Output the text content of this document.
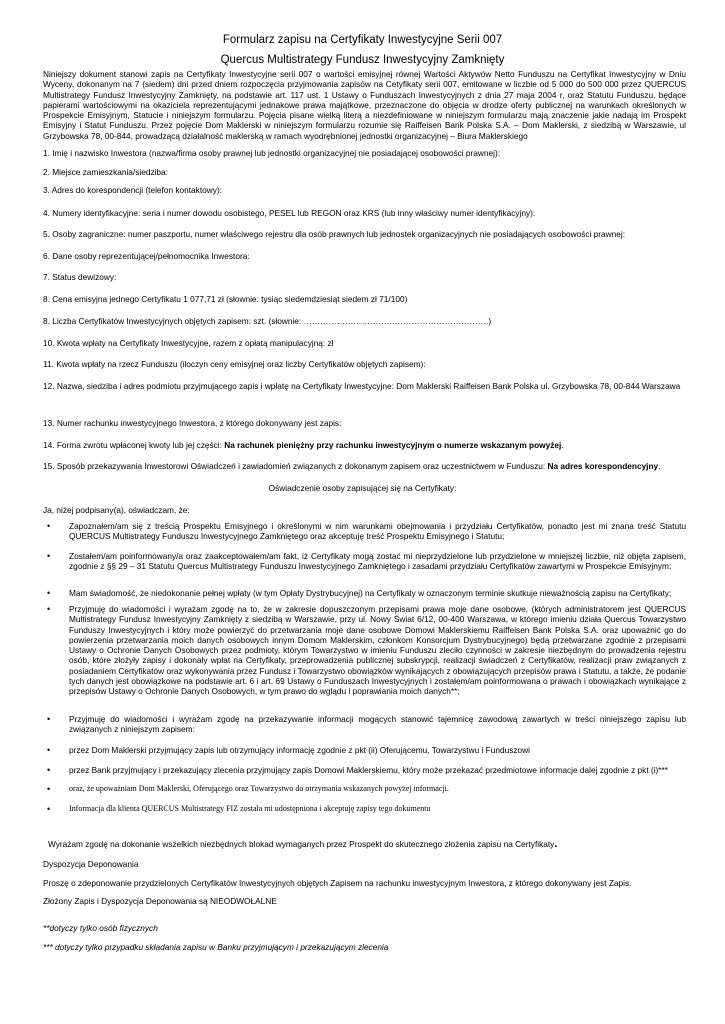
Formularz zapisu na Certyfikaty Inwestycyjne Serii 007
Quercus Multistrategy Fundusz Inwestycyjny Zamknięty

Niniejszy dokument stanowi zapis na Certyfikaty Inwestycyjne serii 007 o wartości emisyjnej równej Wartości Aktywów Netto Funduszu na Certyfikat Inwestycyjny w Dniu Wyceny, dokonanym na 7 (siedem) dni przed dniem rozpoczęcia przyjmowania zapisów na Cetyfikaty serii 007, emitowane w liczbie od 5 000 do 500 000 przez QUERCUS Multistrategy Fundusz Inwestycyjny Zamknięty, na podstawie art. 117 ust. 1 Ustawy o Funduszach Inwestycyjnych z dnia 27 maja 2004 r, oraz Statutu Funduszu, będące papierami wartościowymi na okaziciela reprezentującymi jednakowe prawa majątkowe, przeznaczone do objęcia w drodze oferty publicznej na warunkach określonych w Prospekcie Emisyjnym, Statucie i niniejszym formularzu. Pojęcia pisane wielką literą a niezdefiniowane w niniejszym formularzu mają znaczenie jakie nadają im Prospekt Emisyjny i Statut Funduszu. Przez pojęcie Dom Maklerski w niniejszym formularzu rozumie się Raiffeisen Bank Polska S.A. – Dom Maklerski, z siedzibą w Warszawie, ul Grzybowska 78, 00-844, prowadzącą działalność maklerską w ramach wyodrębnionej jednostki organizacyjnej – Biura Maklerskiego

1. Imię i nazwisko Inwestora (nazwa/firma osoby prawnej lub jednostki organizacyjnej nie posiadającej osobowości prawnej):

2. Miejsce zamieszkania/siedziba:

3. Adres do korespondencji (telefon kontaktowy):

4. Numery identyfikacyjne: seria i numer dowodu osobistego, PESEL lub REGON oraz KRS (lub inny właściwy numer identyfikacyjny):

5. Osoby zagraniczne: numer paszportu, numer właściwego rejestru dla osób prawnych lub jednostek organizacyjnych nie posiadających osobowości prawnej:

6. Dane osoby reprezentującej/pełnomocnika Inwestora:

7. Status dewizowy:

8. Cena emisyjna jednego Certyfikatu 1 077,71 zł (słownie: tysiąc siedemdziesiąt siedem zł 71/100)

8. Liczba Certyfikatów Inwestycyjnych objętych zapisem: szt. (słownie: ………………………………………………………….)

10. Kwota wpłaty na Certyfikaty Inwestycyjne, razem z opłatą manipulacyjną: zł

11. Kwota wpłaty na rzecz Funduszu (iloczyn ceny emisyjnej oraz liczby Certyfikatów objętych zapisem):

12. Nazwa, siedziba i adres podmiotu przyjmującego zapis i wpłatę na Certyfikaty Inwestycyjne: Dom Maklerski Raiffeisen Bank Polska ul. Grzybowska 78, 00-844 Warszawa

13. Numer rachunku inwestycyjnego Inwestora, z którego dokonywany jest zapis:

14. Forma zwrotu wpłaconej kwoty lub jej części: Na rachunek pieniężny przy rachunku inwestycyjnym o numerze wskazanym powyżej.

15. Sposób przekazywania Inwestorowi Oświadczeń i zawiadomień związanych z dokonanym zapisem oraz uczestnictwem w Funduszu: Na adres korespondencyjny.

Oświadczenie osoby zapisującej się na Certyfikaty:

Ja, niżej podpisany(a), oświadczam, że:

• Zapoznałem/am się z treścią Prospektu Emisyjnego i określonymi w nim warunkami obejmowania i przydziału Certyfikatów, ponadto jest mi znana treść Statutu QUERCUS Multistrategy Funduszu Inwestycyjnego Zamkniętego oraz akceptuję treść Prospektu Emisyjnego i Statutu;
• Zostałem/am poinformowany/a oraz zaakceptowałem/am fakt, iż Certyfikaty mogą zostać mi nieprzydzielone lub przydzielone w mniejszej liczbie, niż objęta zapisem, zgodnie z §§ 29 – 31 Statutu Quercus Multistrategy Funduszu Inwestycyjnego Zamkniętego i zasadami przydziału Certyfikatów zawartymi w Prospekcie Emisyjnym;
• Mam świadomość, że niedokonanie pełnej wpłaty (w tym Opłaty Dystrybucyjnej) na Certyfikaty w oznaczonym terminie skutkuje nieważnością zapisu na Certyfikaty;
• Przyjmuję do wiadomości i wyrażam zgodę na to, że w zakresie dopuszczonym przepisami prawa moje dane osobowe, (których administratorem jest QUERCUS Multistrategy Fundusz Inwestycyjny Zamknięty z siedzibą w Warszawie, przy ul. Nowy Świat 6/12, 00-400 Warszawa, w którego imieniu działa Quercus Towarzystwo Funduszy Inwestycyjnych i który może powierzyć do przetwarzania moje dane osobowe Domowi Maklerskiemu Raiffeisen Bank Polska S.A. oraz upoważnić go do powierzenia przetwarzania moich danych osobowych innym Domom Maklerskim, członkom Konsorcjum Dystrybucyjnego) będą przetwarzane zgodnie z przepisami Ustawy o Ochronie Danych Osobowych przez podmioty, którym Towarzystwo w imieniu Funduszu zleciło czynności w zakresie niezbędnym do prowadzenia rejestru osób, które złożyły zapisy i dokonały wpłat na Certyfikaty, przeprowadzenia publicznej subskrypcji, realizacji świadczeń z Certyfikatów, realizacji praw związanych z posiadaniem Certyfikatów oraz wykonywania przez Fundusz i Towarzystwo obowiązków wynikających z obowiązujących przepisów prawa i Statutu, a także, że podanie tych danych jest obowiązkowe na podstawie art. 6 i art. 69 Ustawy o Funduszach Inwestycyjnych i zostałem/am poinformowana o prawach i obowiązkach wynikające z przepisów Ustawy o Ochronie Danych Osobowych, w tym prawo do wglądu i poprawiania moich danych**;
• Przyjmuję do wiadomości i wyrażam zgodę na przekazywanie informacji mogących stanowić tajemnicę zawodową zawartych w treści niniejszego zapisu lub związanych z niniejszym zapisem:
• przez Dom Maklerski przyjmujący zapis lub otrzymujący informację zgodnie z pkt (ii) Oferującemu, Towarzystwu i Funduszowi
• przez Bank przyjmujący i przekazujący zlecenia przyjmujący zapis Domowi Maklerskiemu, który może przekazać przedmiotowe informacje dalej zgodnie z pkt (i)***
• oraz, że upoważniam Dom Maklerski, Oferującego oraz Towarzystwo do otrzymania wskazanych powyżej informacji.
• Informacja dla klienta QUERCUS Multistrategy FIZ została mi udostępniona i akceptuję zapisy tego dokumentu

Wyrażam zgodę na dokonanie wszelkich niezbędnych blokad wymaganych przez Prospekt do skutecznego złożenia zapisu na Certyfikaty.

Dyspozycja Deponowania

Proszę o zdeponowanie przydzielonych Certyfikatów Inwestycyjnych objętych Zapisem na rachunku inwestycyjnym Inwestora, z którego dokonywany jest Zapis.

Złożony Zapis i Dyspozycja Deponowania są NIEODWOŁALNE

**dotyczy tylko osób fizycznych

*** dotyczy tylko przypadku składania zapisu w Banku przyjmującym i przekazującym zlecenia
